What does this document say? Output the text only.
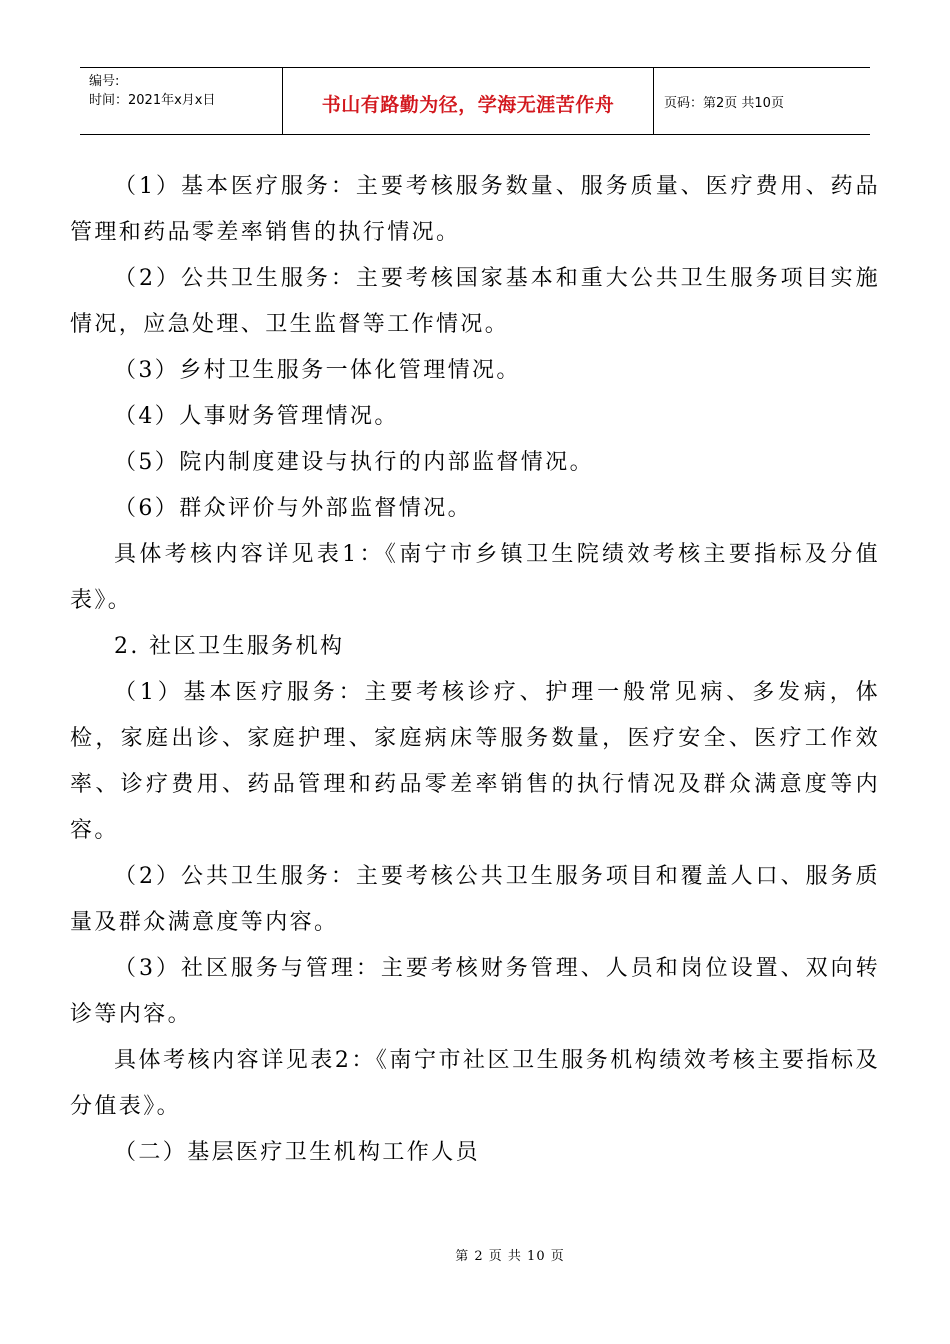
编号:
时间：2021年x月x日	书山有路勤为径，学海无涯苦作舟	页码：第2页 共10页

（1）基本医疗服务：主要考核服务数量、服务质量、医疗费用、药品管理和药品零差率销售的执行情况。

（2）公共卫生服务：主要考核国家基本和重大公共卫生服务项目实施情况，应急处理、卫生监督等工作情况。

（3）乡村卫生服务一体化管理情况。

（4）人事财务管理情况。

（5）院内制度建设与执行的内部监督情况。

（6）群众评价与外部监督情况。

具体考核内容详见表1：《南宁市乡镇卫生院绩效考核主要指标及分值表》。

2. 社区卫生服务机构

（1）基本医疗服务：主要考核诊疗、护理一般常见病、多发病，体检，家庭出诊、家庭护理、家庭病床等服务数量，医疗安全、医疗工作效率、诊疗费用、药品管理和药品零差率销售的执行情况及群众满意度等内容。

（2）公共卫生服务：主要考核公共卫生服务项目和覆盖人口、服务质量及群众满意度等内容。

（3）社区服务与管理：主要考核财务管理、人员和岗位设置、双向转诊等内容。

具体考核内容详见表2：《南宁市社区卫生服务机构绩效考核主要指标及分值表》。

（二）基层医疗卫生机构工作人员

第 2 页 共 10 页
